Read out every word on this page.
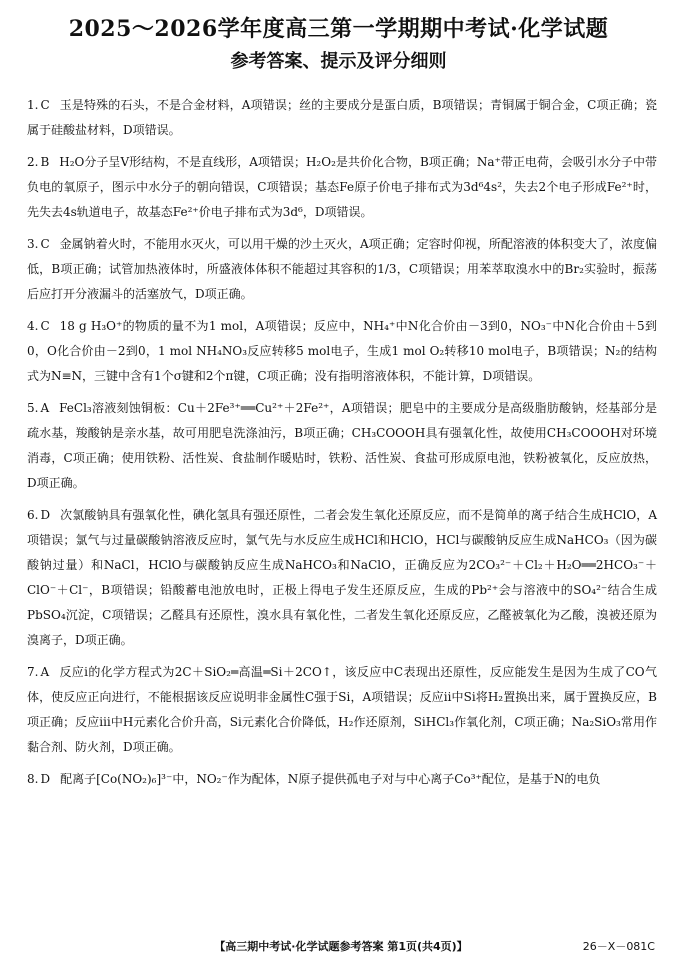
2025～2026学年度高三第一学期期中考试·化学试题
参考答案、提示及评分细则
1. C 玉是特殊的石头，不是合金材料，A项错误；丝的主要成分是蛋白质，B项错误；青铜属于铜合金，C项正确；瓷属于硅酸盐材料，D项错误。
2. B H₂O分子呈V形结构，不是直线形，A项错误；H₂O₂是共价化合物，B项正确；Na⁺带正电荷，会吸引水分子中带负电的氧原子，图示中水分子的朝向错误，C项错误；基态Fe原子价电子排布式为3d⁶4s²，失去2个电子形成Fe²⁺时，先失去4s轨道电子，故基态Fe²⁺价电子排布式为3d⁶，D项错误。
3. C 金属钠着火时，不能用水灭火，可以用干燥的沙土灭火，A项正确；定容时仰视，所配溶液的体积变大了，浓度偏低，B项正确；试管加热液体时，所盛液体体积不能超过其容积的1/3，C项错误；用苯萃取溴水中的Br₂实验时，振荡后应打开分液漏斗的活塞放气，D项正确。
4. C 18 g H₃O⁺的物质的量不为1 mol，A项错误；反应中，NH₄⁺中N化合价由－3到0，NO₃⁻中N化合价由＋5到0，O化合价由－2到0，1 mol NH₄NO₃反应转移5 mol电子，生成1 mol O₂转移10 mol电子，B项错误；N₂的结构式为N≡N，三键中含有1个σ键和2个π键，C项正确；没有指明溶液体积，不能计算，D项错误。
5. A FeCl₃溶液刻蚀铜板：Cu＋2Fe³⁺══Cu²⁺＋2Fe²⁺，A项错误；肥皂中的主要成分是高级脂肪酸钠，烃基部分是疏水基，羧酸钠是亲水基，故可用肥皂洗涤油污，B项正确；CH₃COOOH具有强氧化性，故使用CH₃COOOH对环境消毒，C项正确；使用铁粉、活性炭、食盐制作暖贴时，铁粉、活性炭、食盐可形成原电池，铁粉被氧化，反应放热，D项正确。
6. D 次氯酸钠具有强氧化性，碘化氢具有强还原性，二者会发生氧化还原反应，而不是简单的离子结合生成HClO，A项错误；氯气与过量碳酸钠溶液反应时，氯气先与水反应生成HCl和HClO，HCl与碳酸钠反应生成NaHCO₃（因为碳酸钠过量）和NaCl，HClO与碳酸钠反应生成NaHCO₃和NaClO，正确反应为2CO₃²⁻＋Cl₂＋H₂O══2HCO₃⁻＋ClO⁻＋Cl⁻，B项错误；铅酸蓄电池放电时，正极上得电子发生还原反应，生成的Pb²⁺会与溶液中的SO₄²⁻结合生成PbSO₄沉淀，C项错误；乙醛具有还原性，溴水具有氧化性，二者发生氧化还原反应，乙醛被氧化为乙酸，溴被还原为溴离子，D项正确。
7. A 反应ⅰ的化学方程式为2C＋SiO₂═高温═Si＋2CO↑，该反应中C表现出还原性，反应能发生是因为生成了CO气体，使反应正向进行，不能根据该反应说明非金属性C强于Si，A项错误；反应ⅱ中Si将H₂置换出来，属于置换反应，B项正确；反应ⅲ中H元素化合价升高，Si元素化合价降低，H₂作还原剂，SiHCl₃作氧化剂，C项正确；Na₂SiO₃常用作黏合剂、防火剂，D项正确。
8. D 配离子[Co(NO₂)₆]³⁻中，NO₂⁻作为配体，N原子提供孤电子对与中心离子Co³⁺配位，是基于N的电负
【高三期中考试·化学试题参考答案 第1页(共4页)】	26－X－081C
